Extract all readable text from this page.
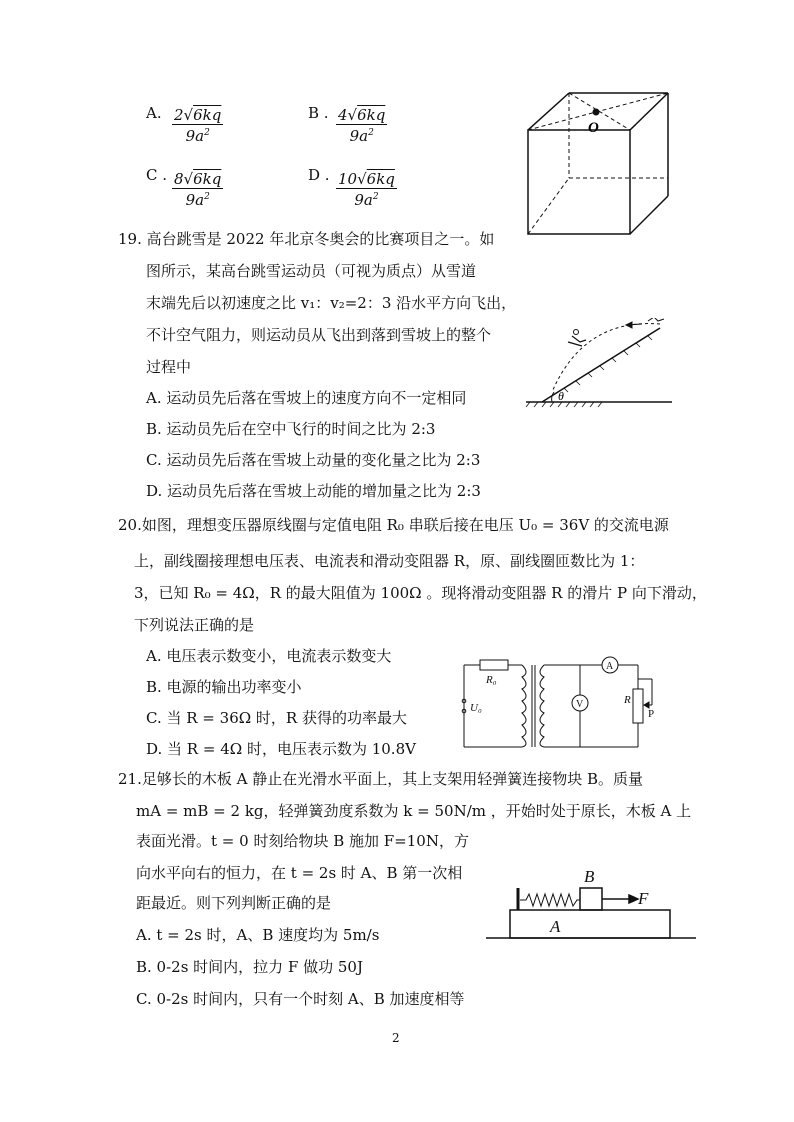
A. $\frac{2√6kq}{9a^2}$	B . $\frac{4√6kq}{9a^2}$
C . $\frac{8√6kq}{9a^2}$	D . $\frac{10√6kq}{9a^2}$
O
19. 高台跳雪是 2022 年北京冬奥会的比赛项目之一。如
图所示，某高台跳雪运动员（可视为质点）从雪道
末端先后以初速度之比 v₁：v₂=2：3 沿水平方向飞出，
不计空气阻力，则运动员从飞出到落到雪坡上的整个
过程中
A. 运动员先后落在雪坡上的速度方向不一定相同
B. 运动员先后在空中飞行的时间之比为 2:3
C. 运动员先后落在雪坡上动量的变化量之比为 2:3
D. 运动员先后落在雪坡上动能的增加量之比为 2:3
θ
20.如图，理想变压器原线圈与定值电阻 R₀ 串联后接在电压 U₀ = 36V 的交流电源
上，副线圈接理想电压表、电流表和滑动变阻器 R，原、副线圈匝数比为 1：
3，已知 R₀ = 4Ω，R 的最大阻值为 100Ω 。现将滑动变阻器 R 的滑片 P 向下滑动，
下列说法正确的是
A. 电压表示数变小，电流表示数变大
B. 电源的输出功率变小
C. 当 R = 36Ω 时，R 获得的功率最大
D. 当 R = 4Ω 时，电压表示数为 10.8V
R₀
U₀
A
V	R
P
21.足够长的木板 A 静止在光滑水平面上，其上支架用轻弹簧连接物块 B。质量
mA = mB = 2 kg，轻弹簧劲度系数为 k = 50N/m ，开始时处于原长，木板 A 上
表面光滑。t = 0 时刻给物块 B 施加 F=10N，方
向水平向右的恒力，在 t = 2s 时 A、B 第一次相
距最近。则下列判断正确的是
A. t = 2s 时，A、B 速度均为 5m/s
B. 0-2s 时间内，拉力 F 做功 50J
C. 0-2s 时间内，只有一个时刻 A、B 加速度相等
B
F
A
2
